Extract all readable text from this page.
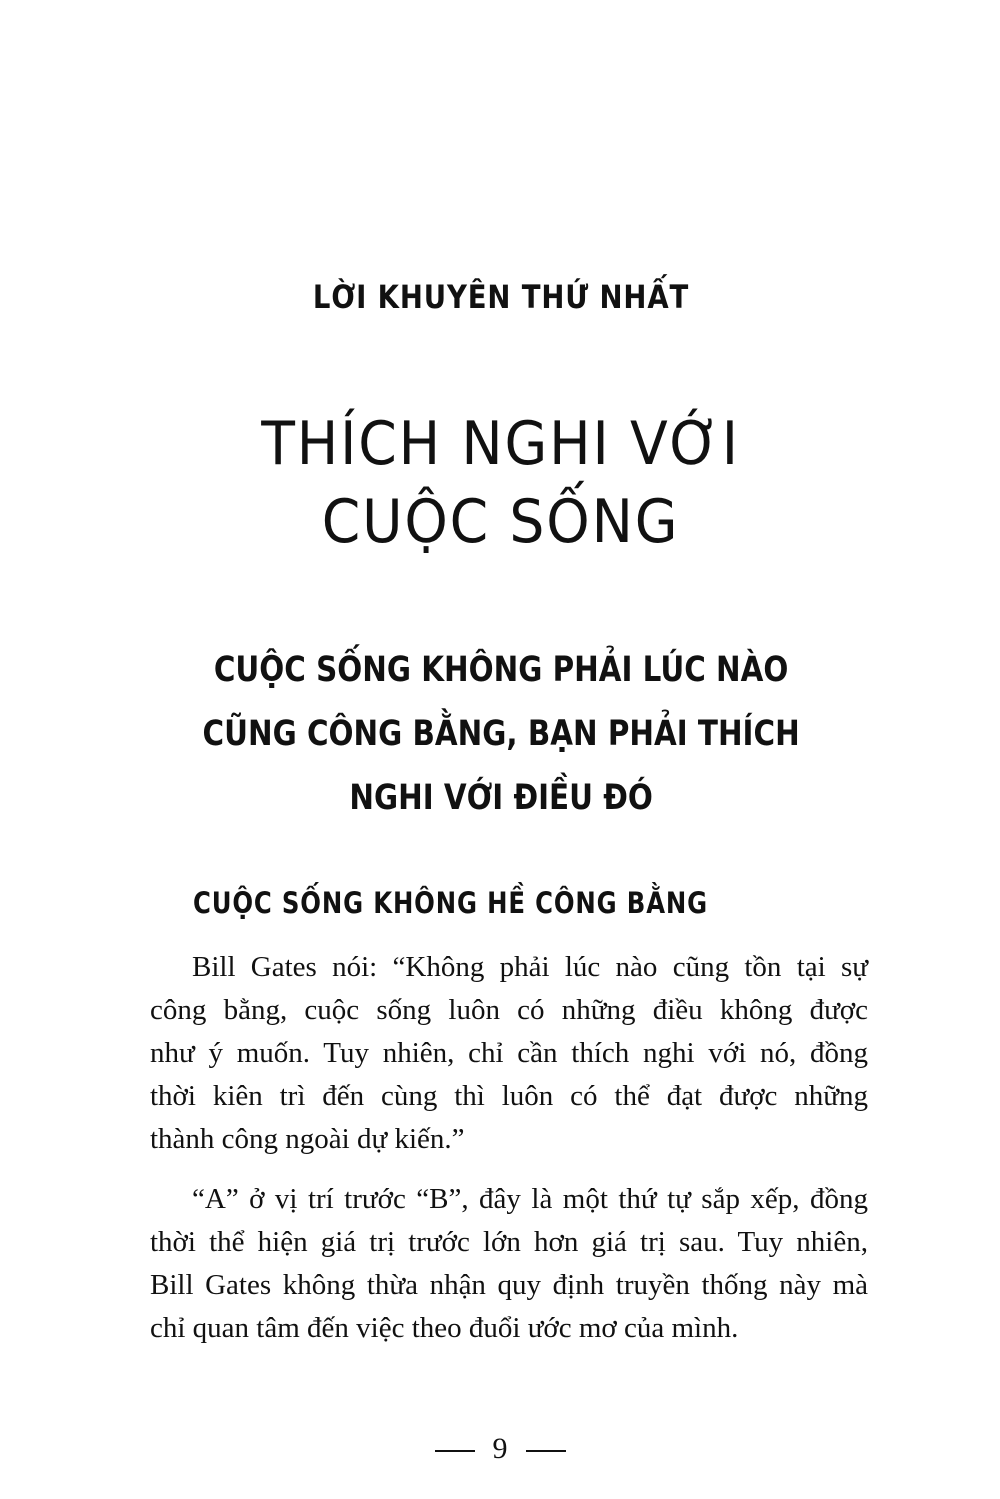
LỜI KHUYÊN THỨ NHẤT
THÍCH NGHI VỚI
CUỘC SỐNG
CUỘC SỐNG KHÔNG PHẢI LÚC NÀO
CŨNG CÔNG BẰNG, BẠN PHẢI THÍCH
NGHI VỚI ĐIỀU ĐÓ
CUỘC SỐNG KHÔNG HỀ CÔNG BẰNG

Bill Gates nói: “Không phải lúc nào cũng tồn tại sự
công bằng, cuộc sống luôn có những điều không được
như ý muốn. Tuy nhiên, chỉ cần thích nghi với nó, đồng
thời kiên trì đến cùng thì luôn có thể đạt được những
thành công ngoài dự kiến.”

“A” ở vị trí trước “B”, đây là một thứ tự sắp xếp, đồng
thời thể hiện giá trị trước lớn hơn giá trị sau. Tuy nhiên,
Bill Gates không thừa nhận quy định truyền thống này mà
chỉ quan tâm đến việc theo đuổi ước mơ của mình.

9
